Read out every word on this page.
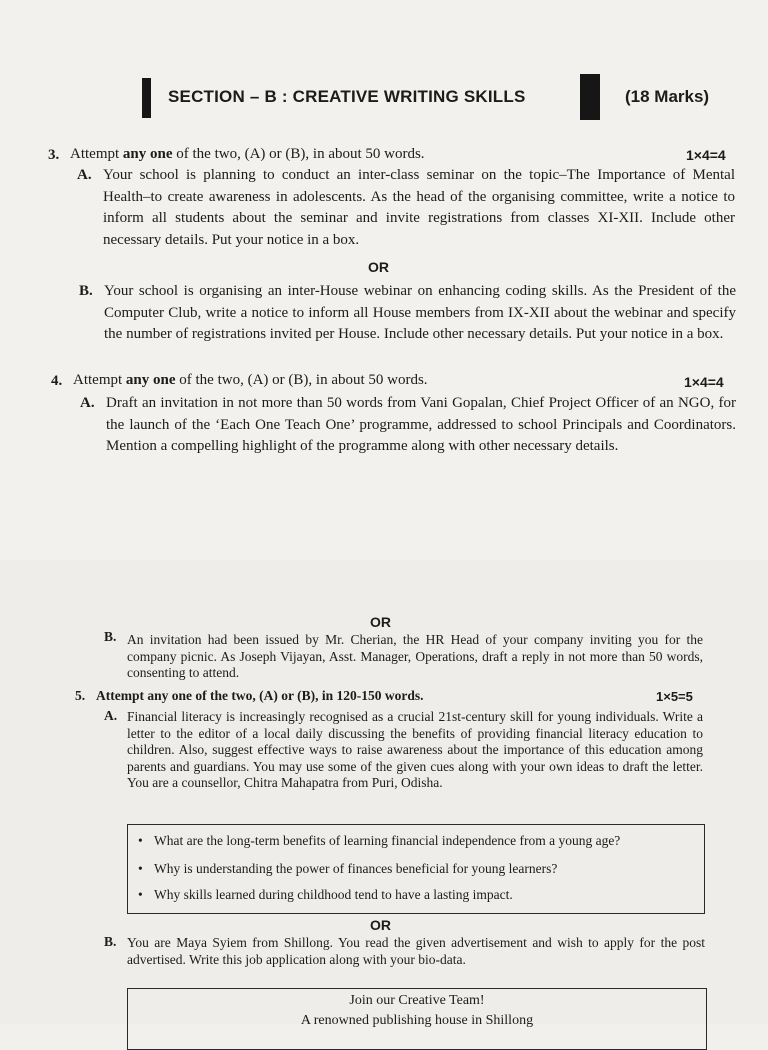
SECTION – B : CREATIVE WRITING SKILLS	(18 Marks)
3. Attempt any one of the two, (A) or (B), in about 50 words.	1×4=4
A. Your school is planning to conduct an inter-class seminar on the topic–The Importance of Mental Health–to create awareness in adolescents. As the head of the organising committee, write a notice to inform all students about the seminar and invite registrations from classes XI-XII. Include other necessary details. Put your notice in a box.
OR
B. Your school is organising an inter-House webinar on enhancing coding skills. As the President of the Computer Club, write a notice to inform all House members from IX-XII about the webinar and specify the number of registrations invited per House. Include other necessary details. Put your notice in a box.
4. Attempt any one of the two, (A) or (B), in about 50 words.	1×4=4
A. Draft an invitation in not more than 50 words from Vani Gopalan, Chief Project Officer of an NGO, for the launch of the ‘Each One Teach One’ programme, addressed to school Principals and Coordinators. Mention a compelling highlight of the programme along with other necessary details.
OR
B. An invitation had been issued by Mr. Cherian, the HR Head of your company inviting you for the company picnic. As Joseph Vijayan, Asst. Manager, Operations, draft a reply in not more than 50 words, consenting to attend.
5. Attempt any one of the two, (A) or (B), in 120-150 words.	1×5=5
A. Financial literacy is increasingly recognised as a crucial 21st-century skill for young individuals. Write a letter to the editor of a local daily discussing the benefits of providing financial literacy education to children. Also, suggest effective ways to raise awareness about the importance of this education among parents and guardians. You may use some of the given cues along with your own ideas to draft the letter. You are a counsellor, Chitra Mahapatra from Puri, Odisha.
• What are the long-term benefits of learning financial independence from a young age?
• Why is understanding the power of finances beneficial for young learners?
• Why skills learned during childhood tend to have a lasting impact.
OR
B. You are Maya Syiem from Shillong. You read the given advertisement and wish to apply for the post advertised. Write this job application along with your bio-data.
Join our Creative Team!
A renowned publishing house in Shillong
